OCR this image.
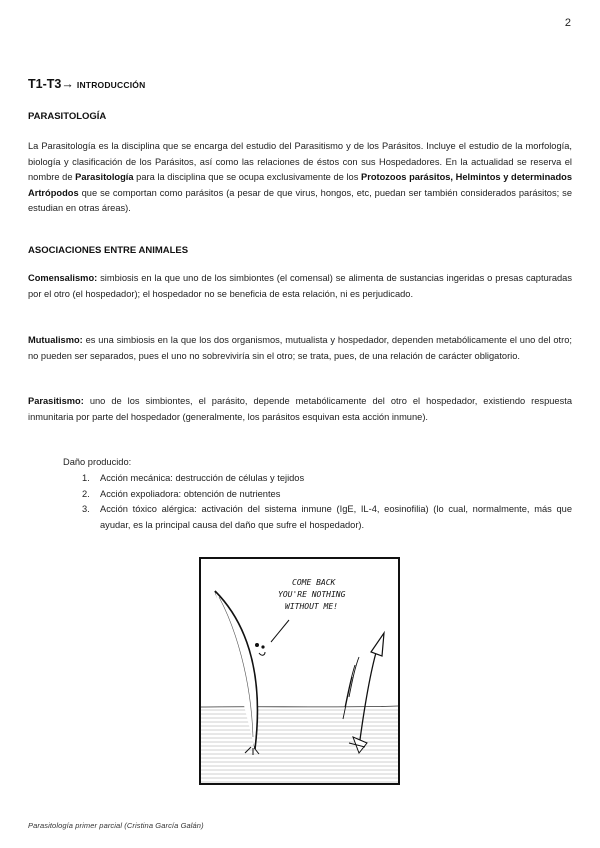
2
T1-T3→ INTRODUCCIÓN
PARASITOLOGÍA
La Parasitología es la disciplina que se encarga del estudio del Parasitismo y de los Parásitos. Incluye el estudio de la morfología, biología y clasificación de los Parásitos, así como las relaciones de éstos con sus Hospedadores. En la actualidad se reserva el nombre de Parasitología para la disciplina que se ocupa exclusivamente de los Protozoos parásitos, Helmintos y determinados Artrópodos que se comportan como parásitos (a pesar de que virus, hongos, etc, puedan ser también considerados parásitos; se estudian en otras áreas).
ASOCIACIONES ENTRE ANIMALES
Comensalismo: simbiosis en la que uno de los simbiontes (el comensal) se alimenta de sustancias ingeridas o presas capturadas por el otro (el hospedador); el hospedador no se beneficia de esta relación, ni es perjudicado.
Mutualismo: es una simbiosis en la que los dos organismos, mutualista y hospedador, dependen metabólicamente el uno del otro; no pueden ser separados, pues el uno no sobreviviría sin el otro; se trata, pues, de una relación de carácter obligatorio.
Parasitismo: uno de los simbiontes, el parásito, depende metabólicamente del otro el hospedador, existiendo respuesta inmunitaria por parte del hospedador (generalmente, los parásitos esquivan esta acción inmune).
Daño producido:
1.	Acción mecánica: destrucción de células y tejidos
2.	Acción expoliadora: obtención de nutrientes
3.	Acción tóxico alérgica: activación del sistema inmune (IgE, IL-4, eosinofilia) (lo cual, normalmente, más que ayudar, es la principal causa del daño que sufre el hospedador).
COME BACK
YOU'RE NOTHING
WITHOUT ME!
Parasitología primer parcial (Cristina García Galán)
